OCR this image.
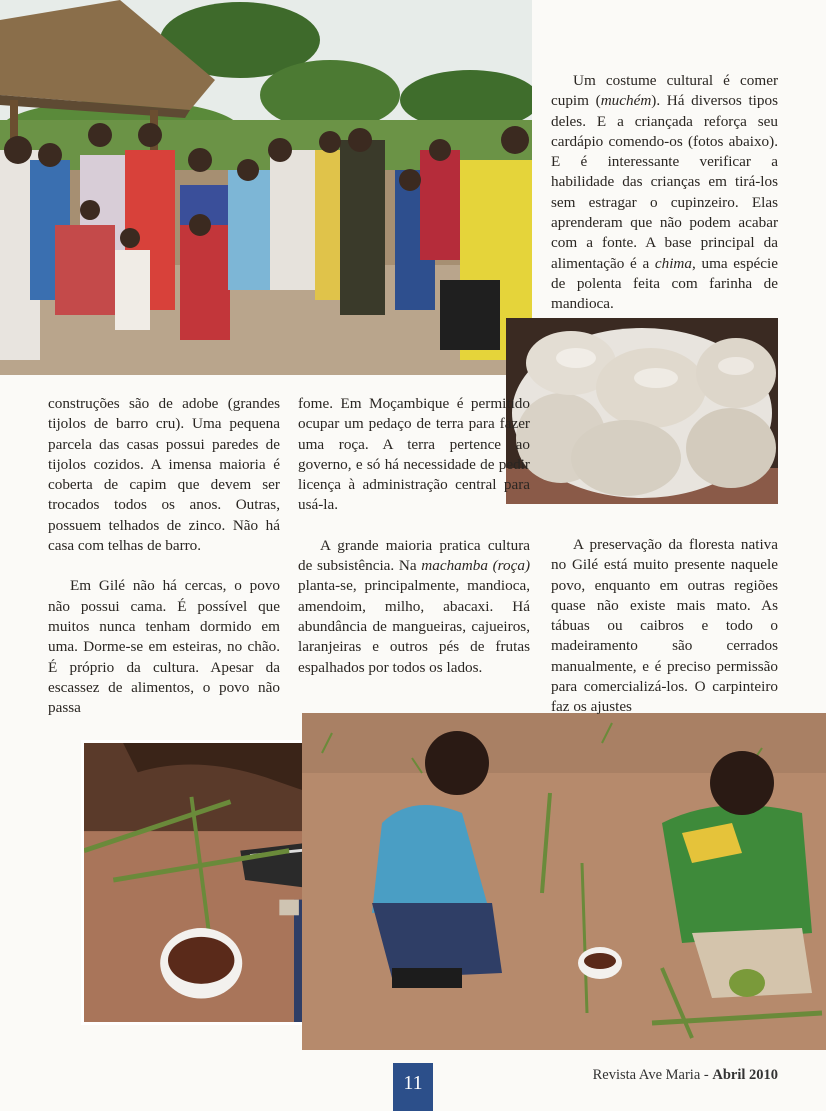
Um costume cultural é comer cupim (muchém). Há diversos tipos deles. E a criançada reforça seu cardápio comendo-os (fotos abaixo). E é interessante verificar a habilidade das crianças em tirá-los sem estragar o cupinzeiro. Elas aprenderam que não podem acabar com a fonte. A base principal da alimentação é a chima, uma espécie de polenta feita com farinha de mandioca.

construções são de adobe (grandes tijolos de barro cru). Uma pequena parcela das casas possui paredes de tijolos cozidos. A imensa maioria é coberta de capim que devem ser trocados todos os anos. Outras, possuem telhados de zinco. Não há casa com telhas de barro.

Em Gilé não há cercas, o povo não possui cama. É possível que muitos nunca tenham dormido em uma. Dorme-se em esteiras, no chão. É próprio da cultura. Apesar da escassez de alimentos, o povo não passa

fome. Em Moçambique é permitido ocupar um pedaço de terra para fazer uma roça. A terra pertence ao governo, e só há necessidade de pedir licença à administração central para usá-la.

A grande maioria pratica cultura de subsistência. Na machamba (roça) planta-se, principalmente, mandioca, amendoim, milho, abacaxi. Há abundância de mangueiras, cajueiros, laranjeiras e outros pés de frutas espalhados por todos os lados.

A preservação da floresta nativa no Gilé está muito presente naquele povo, enquanto em outras regiões quase não existe mais mato. As tábuas ou caibros e todo o madeiramento são cerrados manualmente, e é preciso permissão para comercializá-los. O carpinteiro faz os ajustes

11	Revista Ave Maria - Abril 2010
